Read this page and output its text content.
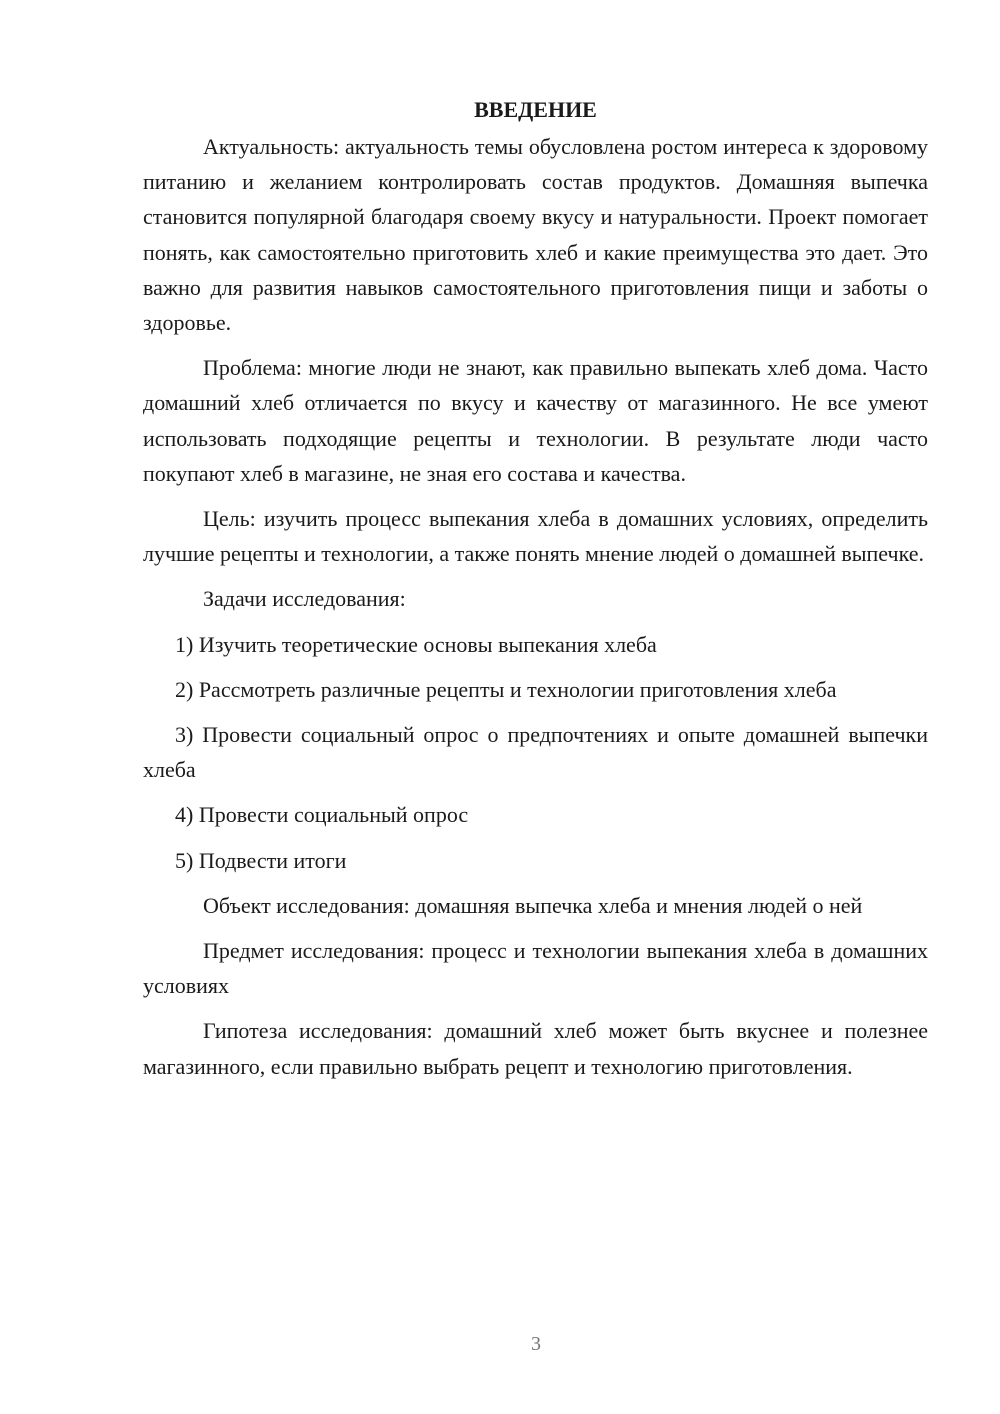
ВВЕДЕНИЕ

Актуальность: актуальность темы обусловлена ростом интереса к здоровому питанию и желанием контролировать состав продуктов. Домашняя выпечка становится популярной благодаря своему вкусу и натуральности. Проект помогает понять, как самостоятельно приготовить хлеб и какие преимущества это дает. Это важно для развития навыков самостоятельного приготовления пищи и заботы о здоровье.

Проблема: многие люди не знают, как правильно выпекать хлеб дома. Часто домашний хлеб отличается по вкусу и качеству от магазинного. Не все умеют использовать подходящие рецепты и технологии. В результате люди часто покупают хлеб в магазине, не зная его состава и качества.

Цель: изучить процесс выпекания хлеба в домашних условиях, определить лучшие рецепты и технологии, а также понять мнение людей о домашней выпечке.

Задачи исследования:

1) Изучить теоретические основы выпекания хлеба

2) Рассмотреть различные рецепты и технологии приготовления хлеба

3) Провести социальный опрос о предпочтениях и опыте домашней выпечки хлеба

4) Провести социальный опрос

5) Подвести итоги

Объект исследования: домашняя выпечка хлеба и мнения людей о ней

Предмет исследования: процесс и технологии выпекания хлеба в домашних условиях

Гипотеза исследования: домашний хлеб может быть вкуснее и полезнее магазинного, если правильно выбрать рецепт и технологию приготовления.

3
